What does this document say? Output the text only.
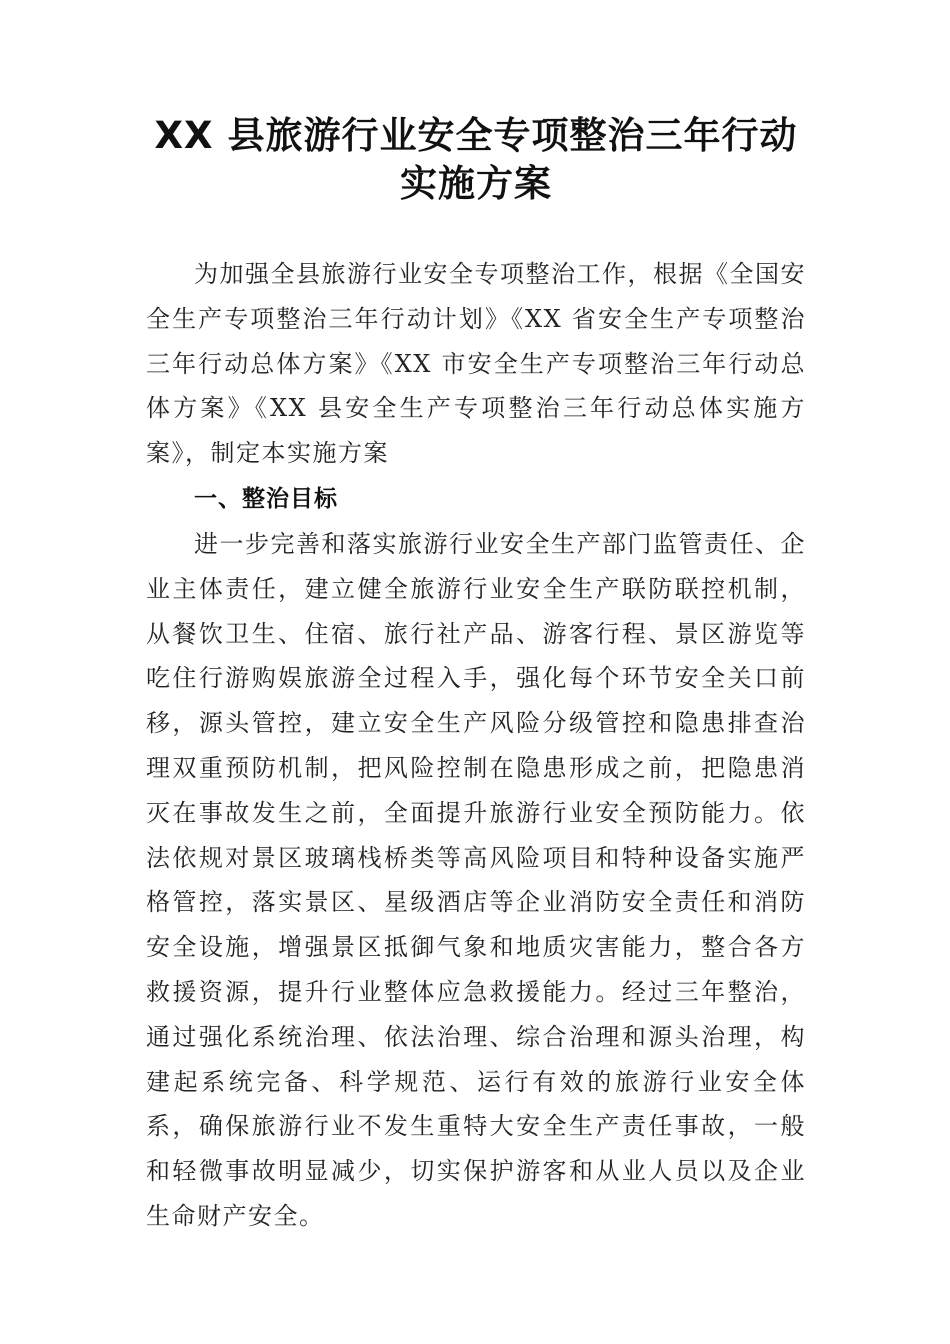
XX 县旅游行业安全专项整治三年行动实施方案

为加强全县旅游行业安全专项整治工作，根据《全国安全生产专项整治三年行动计划》《XX 省安全生产专项整治三年行动总体方案》《XX 市安全生产专项整治三年行动总体方案》《XX 县安全生产专项整治三年行动总体实施方案》，制定本实施方案

一、整治目标

进一步完善和落实旅游行业安全生产部门监管责任、企业主体责任，建立健全旅游行业安全生产联防联控机制，从餐饮卫生、住宿、旅行社产品、游客行程、景区游览等吃住行游购娱旅游全过程入手，强化每个环节安全关口前移，源头管控，建立安全生产风险分级管控和隐患排查治理双重预防机制，把风险控制在隐患形成之前，把隐患消灭在事故发生之前，全面提升旅游行业安全预防能力。依法依规对景区玻璃栈桥类等高风险项目和特种设备实施严格管控，落实景区、星级酒店等企业消防安全责任和消防安全设施，增强景区抵御气象和地质灾害能力，整合各方救援资源，提升行业整体应急救援能力。经过三年整治，通过强化系统治理、依法治理、综合治理和源头治理，构建起系统完备、科学规范、运行有效的旅游行业安全体系，确保旅游行业不发生重特大安全生产责任事故，一般和轻微事故明显减少，切实保护游客和从业人员以及企业生命财产安全。
